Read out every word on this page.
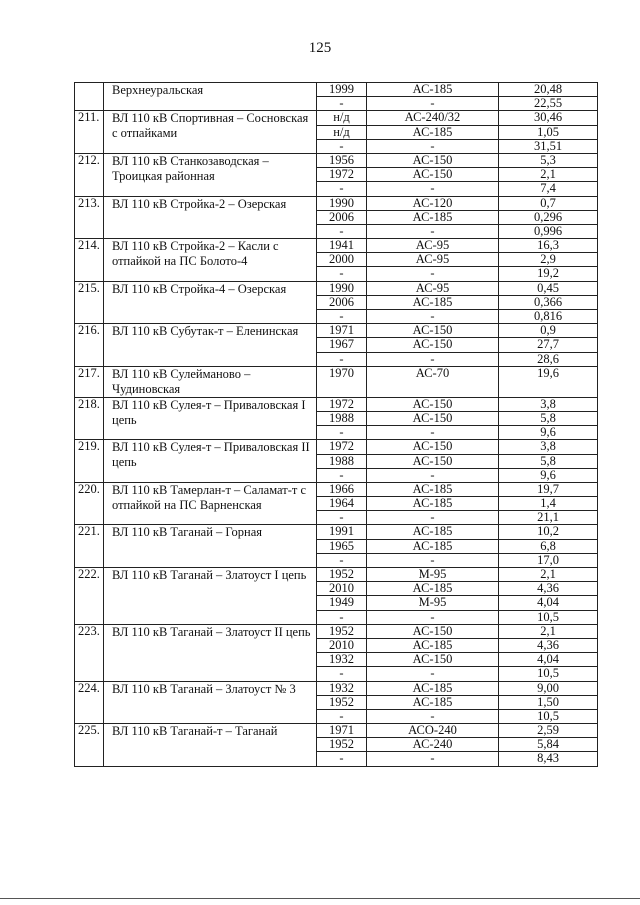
125
	Верхнеуральская	1999	АС-185	20,48
		-	-	22,55
211.	ВЛ 110 кВ Спортивная – Сосновская с отпайками	н/д	АС-240/32	30,46
		н/д	АС-185	1,05
		-	-	31,51
212.	ВЛ 110 кВ Станкозаводская – Троицкая районная	1956	АС-150	5,3
		1972	АС-150	2,1
		-	-	7,4
213.	ВЛ 110 кВ Стройка-2 – Озерская	1990	АС-120	0,7
		2006	АС-185	0,296
		-	-	0,996
214.	ВЛ 110 кВ Стройка-2 – Касли с отпайкой на ПС Болото-4	1941	АС-95	16,3
		2000	АС-95	2,9
		-	-	19,2
215.	ВЛ 110 кВ Стройка-4 – Озерская	1990	АС-95	0,45
		2006	АС-185	0,366
		-	-	0,816
216.	ВЛ 110 кВ Субутак-т – Еленинская	1971	АС-150	0,9
		1967	АС-150	27,7
		-	-	28,6
217.	ВЛ 110 кВ Сулейманово – Чудиновская	1970	АС-70	19,6
218.	ВЛ 110 кВ Сулея-т – Приваловская I цепь	1972	АС-150	3,8
		1988	АС-150	5,8
		-	-	9,6
219.	ВЛ 110 кВ Сулея-т – Приваловская II цепь	1972	АС-150	3,8
		1988	АС-150	5,8
		-	-	9,6
220.	ВЛ 110 кВ Тамерлан-т – Саламат-т с отпайкой на ПС Варненская	1966	АС-185	19,7
		1964	АС-185	1,4
		-	-	21,1
221.	ВЛ 110 кВ Таганай – Горная	1991	АС-185	10,2
		1965	АС-185	6,8
		-	-	17,0
222.	ВЛ 110 кВ Таганай – Златоуст I цепь	1952	М-95	2,1
		2010	АС-185	4,36
		1949	М-95	4,04
		-	-	10,5
223.	ВЛ 110 кВ Таганай – Златоуст II цепь	1952	АС-150	2,1
		2010	АС-185	4,36
		1932	АС-150	4,04
		-	-	10,5
224.	ВЛ 110 кВ Таганай – Златоуст № 3	1932	АС-185	9,00
		1952	АС-185	1,50
		-	-	10,5
225.	ВЛ 110 кВ Таганай-т – Таганай	1971	АСО-240	2,59
		1952	АС-240	5,84
		-	-	8,43
